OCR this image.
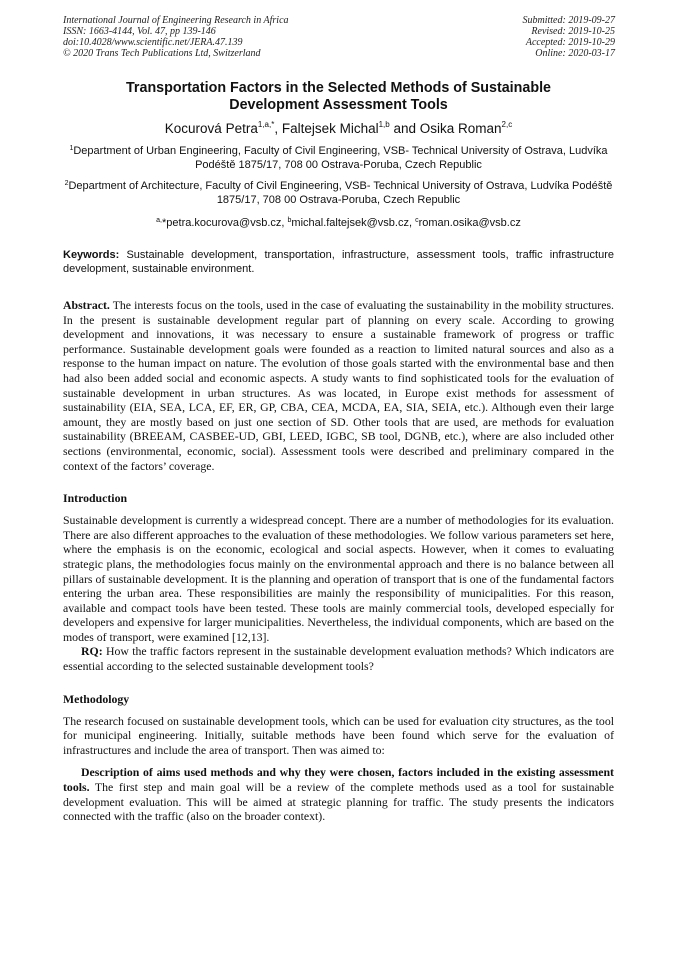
International Journal of Engineering Research in Africa
ISSN: 1663-4144, Vol. 47, pp 139-146
doi:10.4028/www.scientific.net/JERA.47.139
© 2020 Trans Tech Publications Ltd, Switzerland
Submitted: 2019-09-27
Revised: 2019-10-25
Accepted: 2019-10-29
Online: 2020-03-17
Transportation Factors in the Selected Methods of Sustainable
Development Assessment Tools
Kocurová Petra$^{1,a,*}$, Faltejsek Michal$^{1,b}$ and Osika Roman$^{2,c}$
$^1$Department of Urban Engineering, Faculty of Civil Engineering, VSB- Technical University of Ostrava, Ludvíka Podéště 1875/17, 708 00 Ostrava-Poruba, Czech Republic
$^2$Department of Architecture, Faculty of Civil Engineering, VSB- Technical University of Ostrava, Ludvíka Podéště 1875/17, 708 00 Ostrava-Poruba, Czech Republic
$^{a,}$*petra.kocurova@vsb.cz, $^b$michal.faltejsek@vsb.cz, $^c$roman.osika@vsb.cz
Keywords: Sustainable development, transportation, infrastructure, assessment tools, traffic infrastructure development, sustainable environment.
Abstract. The interests focus on the tools, used in the case of evaluating the sustainability in the mobility structures. In the present is sustainable development regular part of planning on every scale. According to growing development and innovations, it was necessary to ensure a sustainable framework of progress or traffic performance. Sustainable development goals were founded as a reaction to limited natural sources and also as a response to the human impact on nature. The evolution of those goals started with the environmental base and then had also been added social and economic aspects. A study wants to find sophisticated tools for the evaluation of sustainable development in urban structures. As was located, in Europe exist methods for assessment of sustainability (EIA, SEA, LCA, EF, ER, GP, CBA, CEA, MCDA, EA, SIA, SEIA, etc.). Although even their large amount, they are mostly based on just one section of SD. Other tools that are used, are methods for evaluation sustainability (BREEAM, CASBEE-UD, GBI, LEED, IGBC, SB tool, DGNB, etc.), where are also included other sections (environmental, economic, social). Assessment tools were described and preliminary compared in the context of the factors’ coverage.
Introduction
Sustainable development is currently a widespread concept. There are a number of methodologies for its evaluation. There are also different approaches to the evaluation of these methodologies. We follow various parameters set here, where the emphasis is on the economic, ecological and social aspects. However, when it comes to evaluating strategic plans, the methodologies focus mainly on the environmental approach and there is no balance between all pillars of sustainable development. It is the planning and operation of transport that is one of the fundamental factors entering the urban area. These responsibilities are mainly the responsibility of municipalities. For this reason, available and compact tools have been tested. These tools are mainly commercial tools, developed especially for developers and expensive for larger municipalities. Nevertheless, the individual components, which are based on the modes of transport, were examined [12,13].
RQ: How the traffic factors represent in the sustainable development evaluation methods? Which indicators are essential according to the selected sustainable development tools?
Methodology
The research focused on sustainable development tools, which can be used for evaluation city structures, as the tool for municipal engineering. Initially, suitable methods have been found which serve for the evaluation of infrastructures and include the area of transport. Then was aimed to:
Description of aims used methods and why they were chosen, factors included in the existing assessment tools. The first step and main goal will be a review of the complete methods used as a tool for sustainable development evaluation. This will be aimed at strategic planning for traffic. The study presents the indicators connected with the traffic (also on the broader context).
